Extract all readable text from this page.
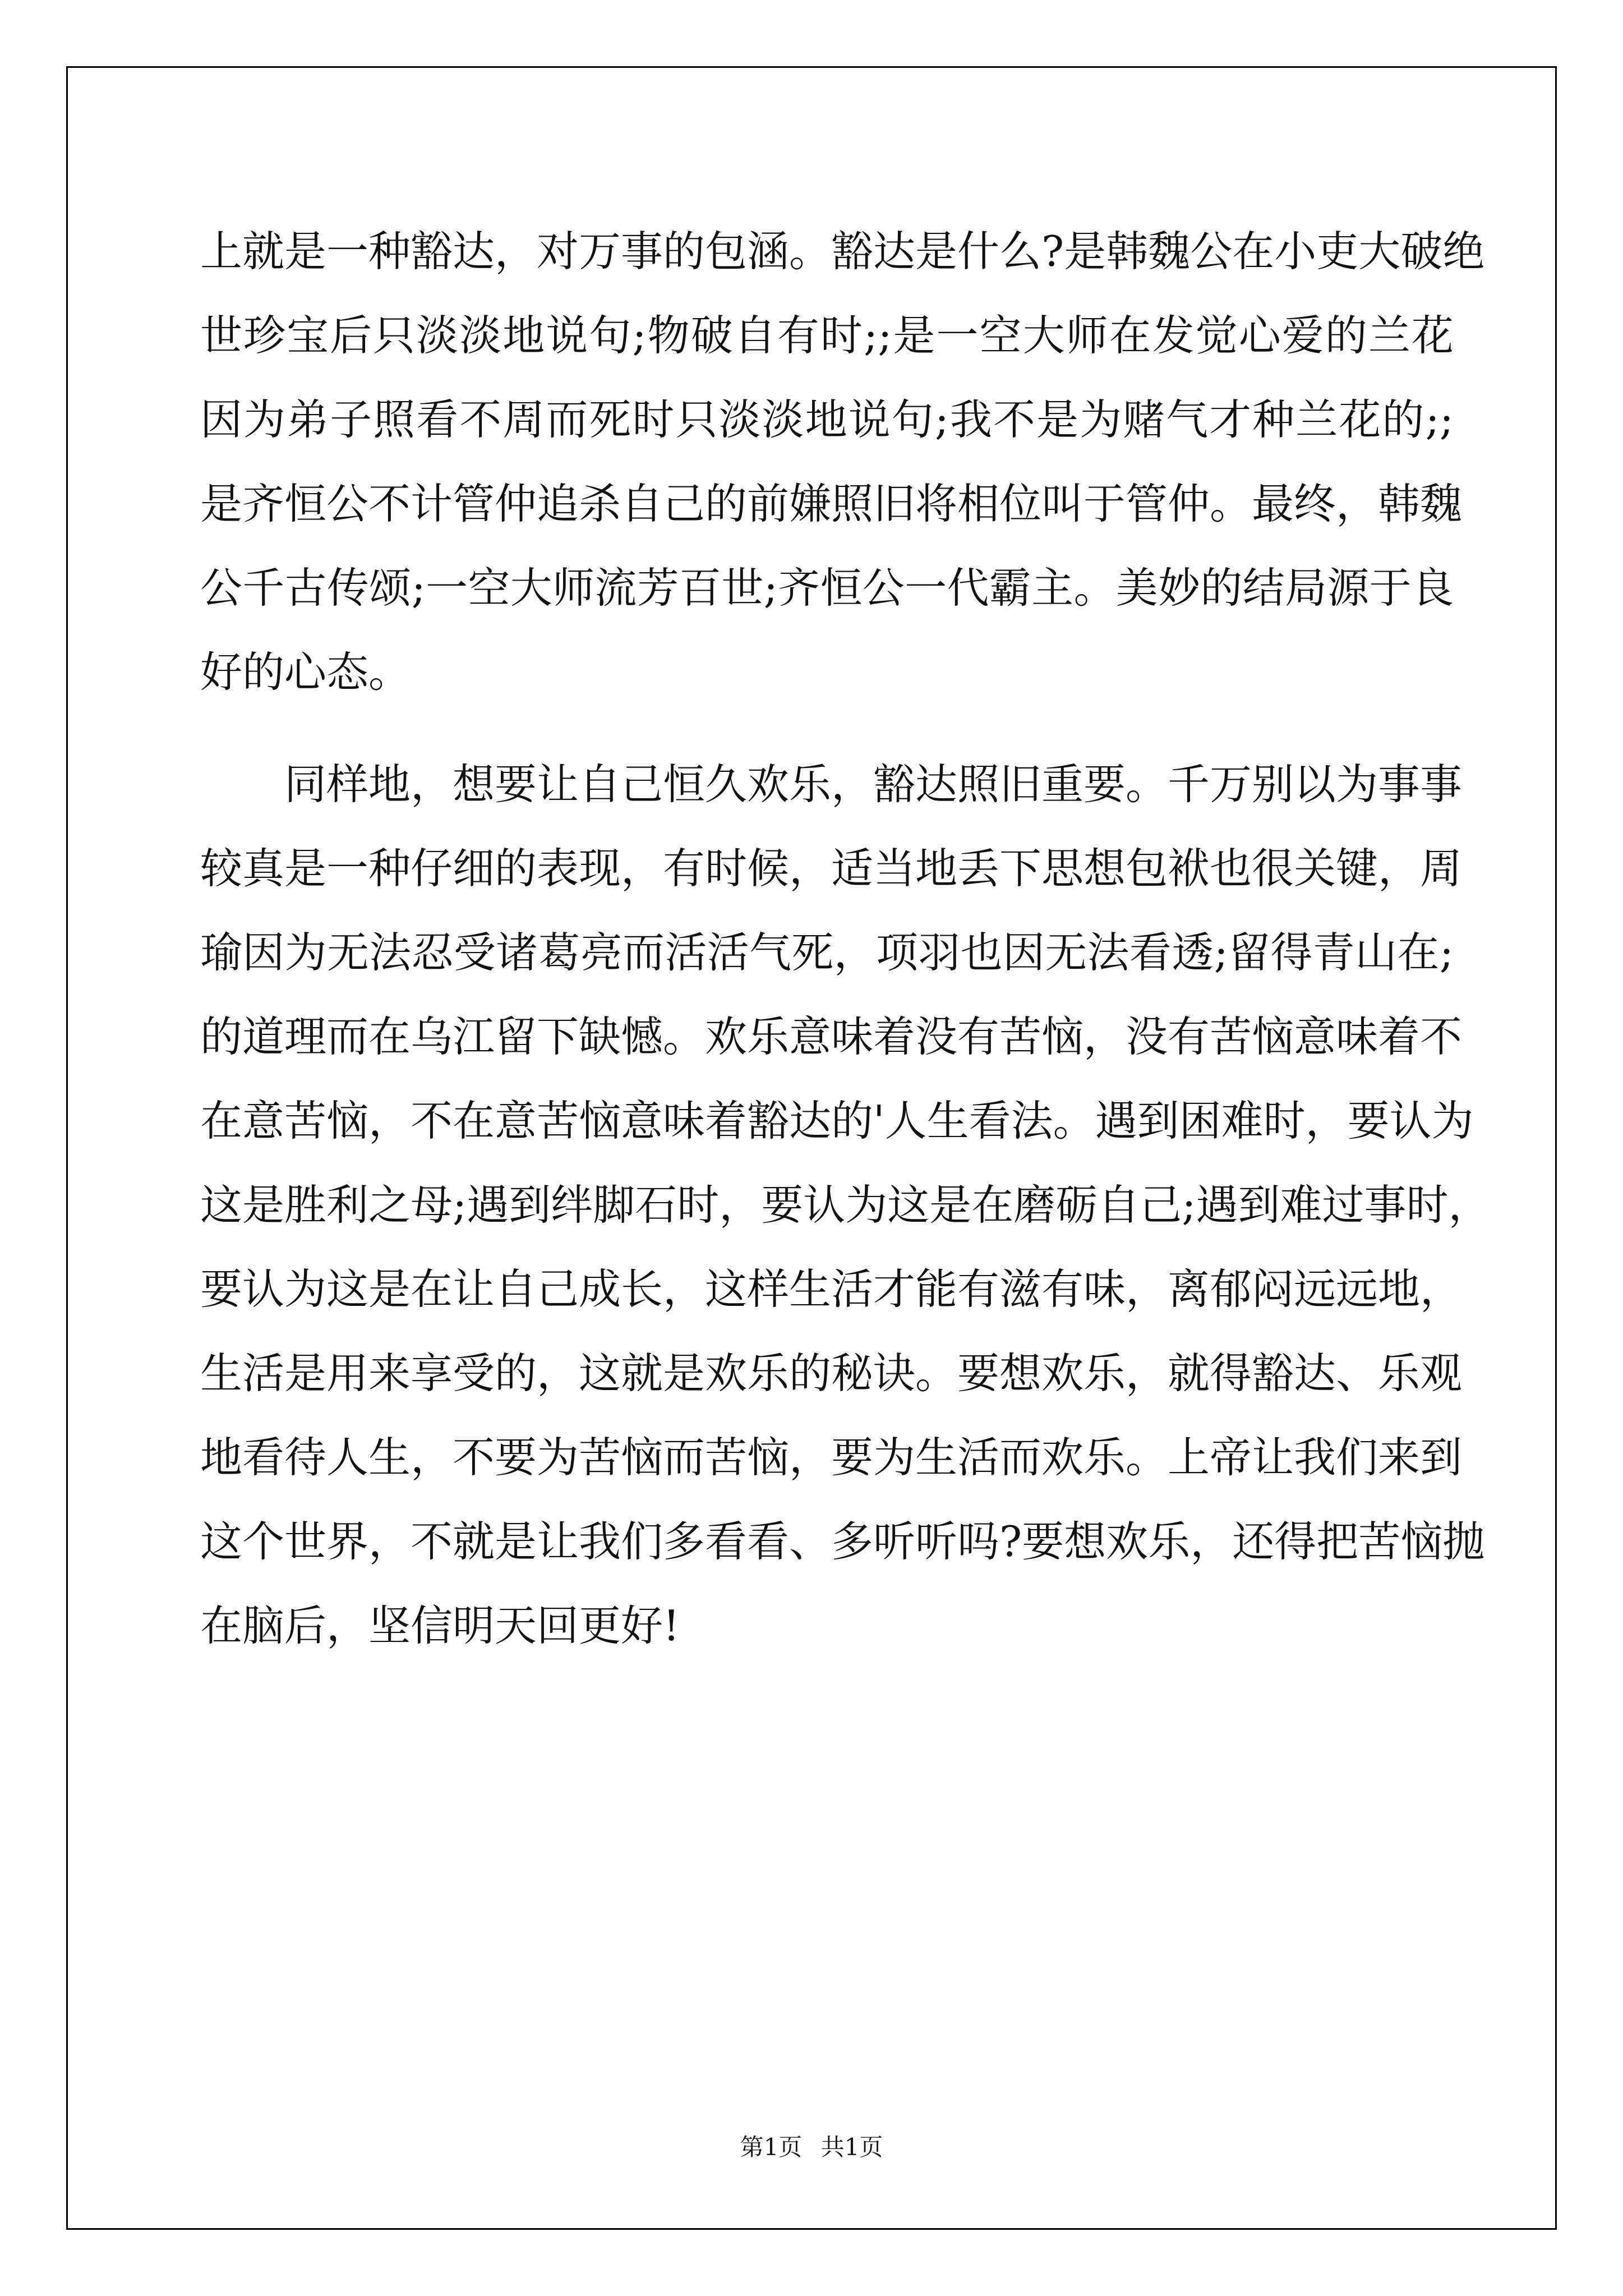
上就是一种豁达，对万事的包涵。豁达是什么?是韩魏公在小吏大破绝
世珍宝后只淡淡地说句;物破自有时;;是一空大师在发觉心爱的兰花
因为弟子照看不周而死时只淡淡地说句;我不是为赌气才种兰花的;;
是齐恒公不计管仲追杀自己的前嫌照旧将相位叫于管仲。最终，韩魏
公千古传颂;一空大师流芳百世;齐恒公一代霸主。美妙的结局源于良
好的心态。
同样地，想要让自己恒久欢乐，豁达照旧重要。千万别以为事事
较真是一种仔细的表现，有时候，适当地丢下思想包袱也很关键，周
瑜因为无法忍受诸葛亮而活活气死，项羽也因无法看透;留得青山在;
的道理而在乌江留下缺憾。欢乐意味着没有苦恼，没有苦恼意味着不
在意苦恼，不在意苦恼意味着豁达的'人生看法。遇到困难时，要认为
这是胜利之母;遇到绊脚石时，要认为这是在磨砺自己;遇到难过事时，
要认为这是在让自己成长，这样生活才能有滋有味，离郁闷远远地，
生活是用来享受的，这就是欢乐的秘诀。要想欢乐，就得豁达、乐观
地看待人生，不要为苦恼而苦恼，要为生活而欢乐。上帝让我们来到
这个世界，不就是让我们多看看、多听听吗?要想欢乐，还得把苦恼抛
在脑后，坚信明天回更好!
第1页 共1页
